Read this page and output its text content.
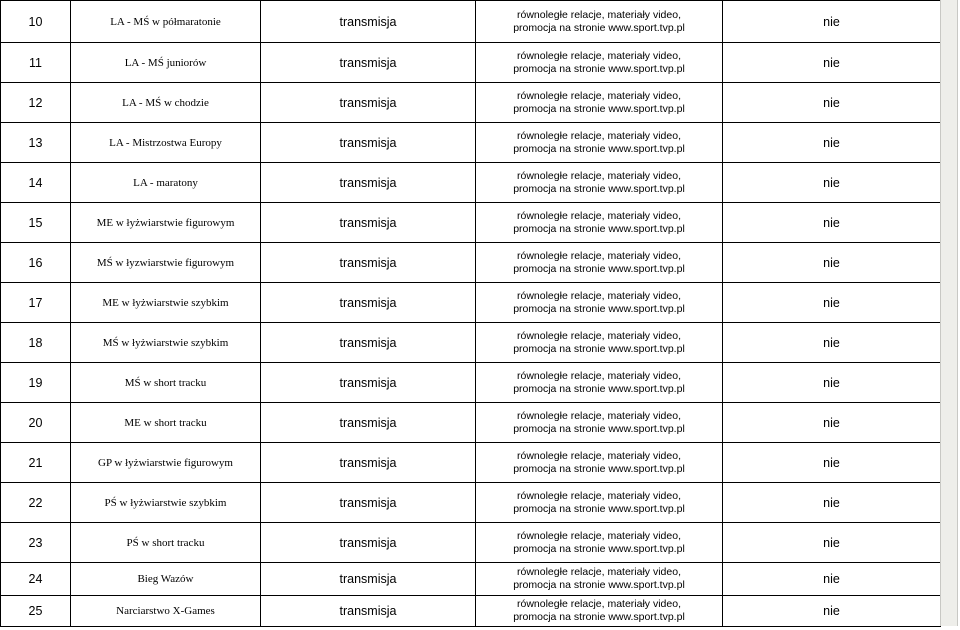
10	LA - MŚ w półmaratonie	transmisja	równoległe relacje, materiały video,
promocja na stronie www.sport.tvp.pl	nie
11	LA - MŚ juniorów	transmisja	równoległe relacje, materiały video,
promocja na stronie www.sport.tvp.pl	nie
12	LA - MŚ w chodzie	transmisja	równoległe relacje, materiały video,
promocja na stronie www.sport.tvp.pl	nie
13	LA - Mistrzostwa Europy	transmisja	równoległe relacje, materiały video,
promocja na stronie www.sport.tvp.pl	nie
14	LA - maratony	transmisja	równoległe relacje, materiały video,
promocja na stronie www.sport.tvp.pl	nie
15	ME w łyżwiarstwie figurowym	transmisja	równoległe relacje, materiały video,
promocja na stronie www.sport.tvp.pl	nie
16	MŚ w łyzwiarstwie figurowym	transmisja	równoległe relacje, materiały video,
promocja na stronie www.sport.tvp.pl	nie
17	ME w łyżwiarstwie szybkim	transmisja	równoległe relacje, materiały video,
promocja na stronie www.sport.tvp.pl	nie
18	MŚ w łyżwiarstwie szybkim	transmisja	równoległe relacje, materiały video,
promocja na stronie www.sport.tvp.pl	nie
19	MŚ w short tracku	transmisja	równoległe relacje, materiały video,
promocja na stronie www.sport.tvp.pl	nie
20	ME w short tracku	transmisja	równoległe relacje, materiały video,
promocja na stronie www.sport.tvp.pl	nie
21	GP w łyżwiarstwie figurowym	transmisja	równoległe relacje, materiały video,
promocja na stronie www.sport.tvp.pl	nie
22	PŚ w łyżwiarstwie szybkim	transmisja	równoległe relacje, materiały video,
promocja na stronie www.sport.tvp.pl	nie
23	PŚ w short tracku	transmisja	równoległe relacje, materiały video,
promocja na stronie www.sport.tvp.pl	nie
24	Bieg Wazów	transmisja	równoległe relacje, materiały video,
promocja na stronie www.sport.tvp.pl	nie
25	Narciarstwo X-Games	transmisja	równoległe relacje, materiały video,
promocja na stronie www.sport.tvp.pl	nie
